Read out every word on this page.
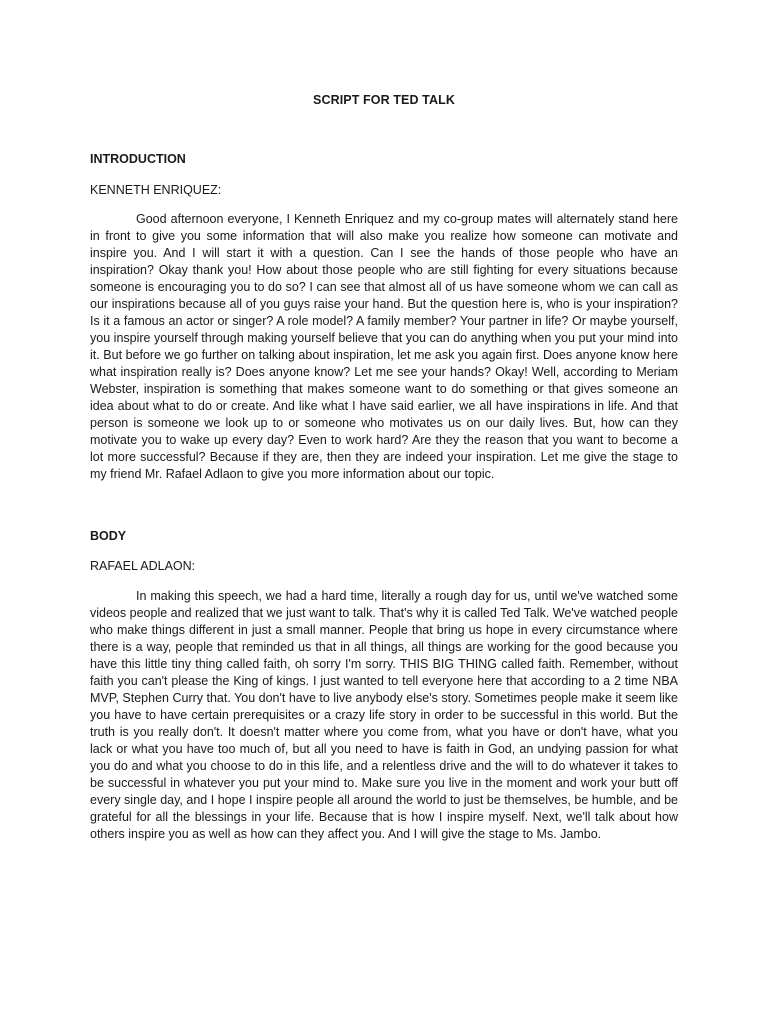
SCRIPT FOR TED TALK
INTRODUCTION
KENNETH ENRIQUEZ:

Good afternoon everyone, I Kenneth Enriquez and my co-group mates will alternately stand here in front to give you some information that will also make you realize how someone can motivate and inspire you. And I will start it with a question. Can I see the hands of those people who have an inspiration? Okay thank you! How about those people who are still fighting for every situations because someone is encouraging you to do so? I can see that almost all of us have someone whom we can call as our inspirations because all of you guys raise your hand. But the question here is, who is your inspiration? Is it a famous an actor or singer? A role model? A family member? Your partner in life? Or maybe yourself, you inspire yourself through making yourself believe that you can do anything when you put your mind into it. But before we go further on talking about inspiration, let me ask you again first. Does anyone know here what inspiration really is? Does anyone know? Let me see your hands? Okay! Well, according to Meriam Webster, inspiration is something that makes someone want to do something or that gives someone an idea about what to do or create. And like what I have said earlier, we all have inspirations in life. And that person is someone we look up to or someone who motivates us on our daily lives. But, how can they motivate you to wake up every day? Even to work hard? Are they the reason that you want to become a lot more successful? Because if they are, then they are indeed your inspiration. Let me give the stage to my friend Mr. Rafael Adlaon to give you more information about our topic.

BODY
RAFAEL ADLAON:

In making this speech, we had a hard time, literally a rough day for us, until we've watched some videos people and realized that we just want to talk. That's why it is called Ted Talk. We've watched people who make things different in just a small manner. People that bring us hope in every circumstance where there is a way, people that reminded us that in all things, all things are working for the good because you have this little tiny thing called faith, oh sorry I'm sorry. THIS BIG THING called faith. Remember, without faith you can't please the King of kings. I just wanted to tell everyone here that according to a 2 time NBA MVP, Stephen Curry that. You don't have to live anybody else's story. Sometimes people make it seem like you have to have certain prerequisites or a crazy life story in order to be successful in this world. But the truth is you really don't. It doesn't matter where you come from, what you have or don't have, what you lack or what you have too much of, but all you need to have is faith in God, an undying passion for what you do and what you choose to do in this life, and a relentless drive and the will to do whatever it takes to be successful in whatever you put your mind to. Make sure you live in the moment and work your butt off every single day, and I hope I inspire people all around the world to just be themselves, be humble, and be grateful for all the blessings in your life. Because that is how I inspire myself. Next, we'll talk about how others inspire you as well as how can they affect you. And I will give the stage to Ms. Jambo.
